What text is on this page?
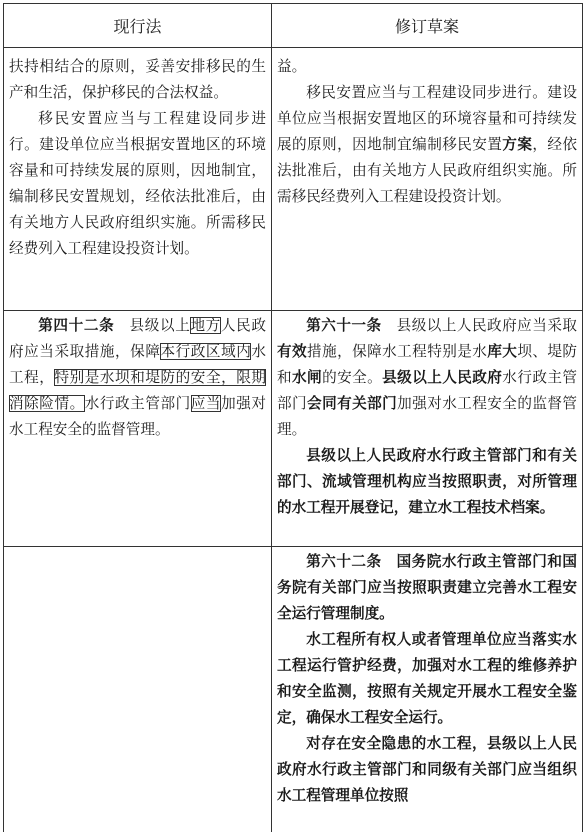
现行法	修订草案

扶持相结合的原则，妥善安排移民的生产和生活，保护移民的合法权益。

移民安置应当与工程建设同步进行。建设单位应当根据安置地区的环境容量和可持续发展的原则，因地制宜，编制移民安置规划，经依法批准后，由有关地方人民政府组织实施。所需移民经费列入工程建设投资计划。

益。

移民安置应当与工程建设同步进行。建设单位应当根据安置地区的环境容量和可持续发展的原则，因地制宜编制移民安置方案，经依法批准后，由有关地方人民政府组织实施。所需移民经费列入工程建设投资计划。

第四十二条　 县级以上地方人民政府应当采取措施，保障本行政区域内水工程，特别是水坝和堤防的安全，限期消除险情。水行政主管部门应当加强对水工程安全的监督管理。

第六十一条　 县级以上人民政府应当采取有效措施，保障水工程特别是水库大坝、堤防和水闸的安全。县级以上人民政府水行政主管部门会同有关部门加强对水工程安全的监督管理。

县级以上人民政府水行政主管部门和有关部门、流域管理机构应当按照职责，对所管理的水工程开展登记，建立水工程技术档案。

第六十二条　国务院水行政主管部门和国务院有关部门应当按照职责建立完善水工程安全运行管理制度。

水工程所有权人或者管理单位应当落实水工程运行管护经费，加强对水工程的维修养护和安全监测，按照有关规定开展水工程安全鉴定，确保水工程安全运行。

对存在安全隐患的水工程，县级以上人民政府水行政主管部门和同级有关部门应当组织水工程管理单位按照
